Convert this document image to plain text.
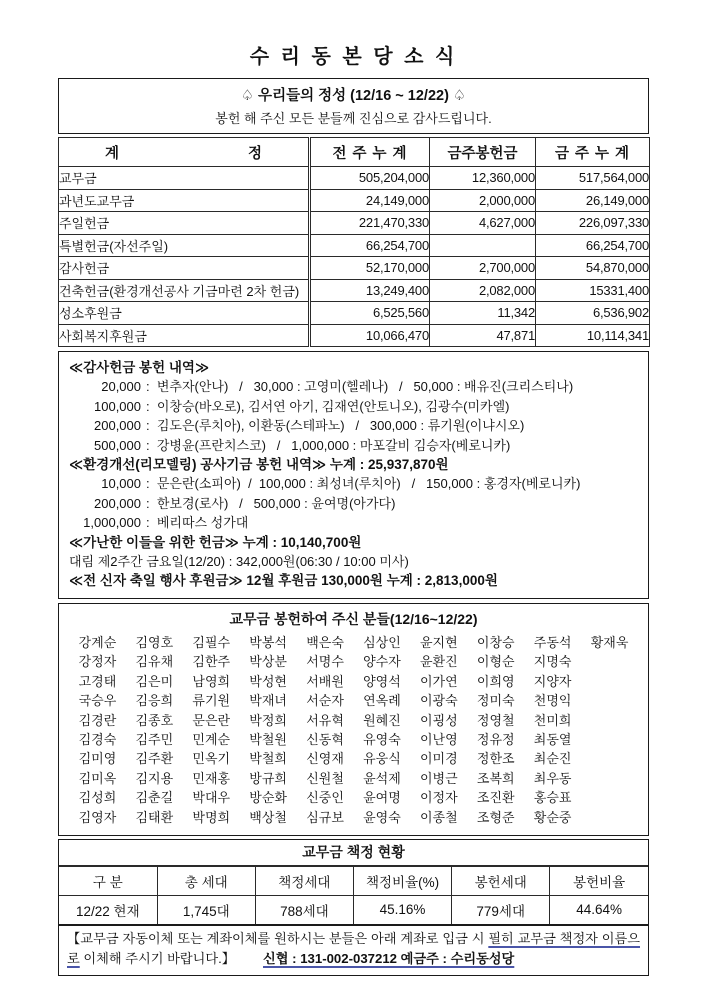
수 리 동 본 당 소 식
♤ 우리들의 정성 (12/16 ~ 12/22) ♤
봉헌 해 주신 모든 분들께 진심으로 감사드립니다.
계 정	전 주 누 계	금주봉헌금	금 주 누 계
교무금	505,204,000	12,360,000	517,564,000
과년도교무금	24,149,000	2,000,000	26,149,000
주일헌금	221,470,330	4,627,000	226,097,330
특별헌금(자선주일)	66,254,700		66,254,700
감사헌금	52,170,000	2,700,000	54,870,000
건축헌금(환경개선공사 기금마련 2차 헌금)	13,249,400	2,082,000	15331,400
성소후원금	6,525,560	11,342	6,536,902
사회복지후원금	10,066,470	47,871	10,114,341
≪감사헌금 봉헌 내역≫
20,000 :  변추자(안나)   /   30,000 : 고영미(헬레나)   /   50,000 : 배유진(크리스티나)
100,000 :  이창승(바오로), 김서연 아기, 김재연(안토니오), 김광수(미카엘)
200,000 :  김도은(루치아), 이환동(스테파노)   /   300,000 : 류기원(이냐시오)
500,000 :  강병윤(프란치스코)   /   1,000,000 : 마포갈비 김승자(베로니카)
≪환경개선(리모델링) 공사기금 봉헌 내역≫ 누계 : 25,937,870원
10,000 :  문은란(소피아)  /  100,000 : 최성녀(루치아)   /   150,000 : 홍경자(베로니카)
200,000 :  한보경(로사)   /   500,000 : 윤여명(아가다)
1,000,000 :  베리따스 성가대
≪가난한 이들을 위한 헌금≫ 누계 : 10,140,700원
대림 제2주간 금요일(12/20) : 342,000원(06:30 / 10:00 미사)
≪전 신자 축일 행사 후원금≫ 12월 후원금 130,000원 누계 : 2,813,000원
교무금 봉헌하여 주신 분들(12/16~12/22)
강계순	김영호	김필수	박봉석	백은숙	심상인	윤지현	이창승	주동석	황재욱
강정자	김유채	김한주	박상분	서명수	양수자	윤환진	이형순	지명숙
고경태	김은미	남영희	박성현	서배원	양영석	이가연	이희영	지양자
국승우	김응희	류기원	박재녀	서순자	연옥례	이광숙	정미숙	천명익
김경란	김종호	문은란	박정희	서유혁	원혜진	이굉성	정영철	천미희
김경숙	김주민	민계순	박철원	신동혁	유영숙	이난영	정유정	최동열
김미영	김주환	민옥기	박철희	신영재	유웅식	이미경	정한조	최순진
김미옥	김지용	민재홍	방규희	신원철	윤석제	이병근	조복희	최우동
김성희	김춘길	박대우	방순화	신중인	윤여명	이정자	조진환	홍승표
김영자	김태환	박명희	백상철	심규보	윤영숙	이종철	조형준	황순중
교무금 책정 현황
구 분	총 세대	책정세대	책정비율(%)	봉헌세대	봉헌비율
12/22 현재	1,745대	788세대	45.16%	779세대	44.64%
【교무금 자동이체 또는 계좌이체를 원하시는 분들은 아래 계좌로 입금 시 필히 교무금 책정자 이름으로 이체해 주시기 바랍니다.】 신협 : 131-002-037212 예금주 : 수리동성당
